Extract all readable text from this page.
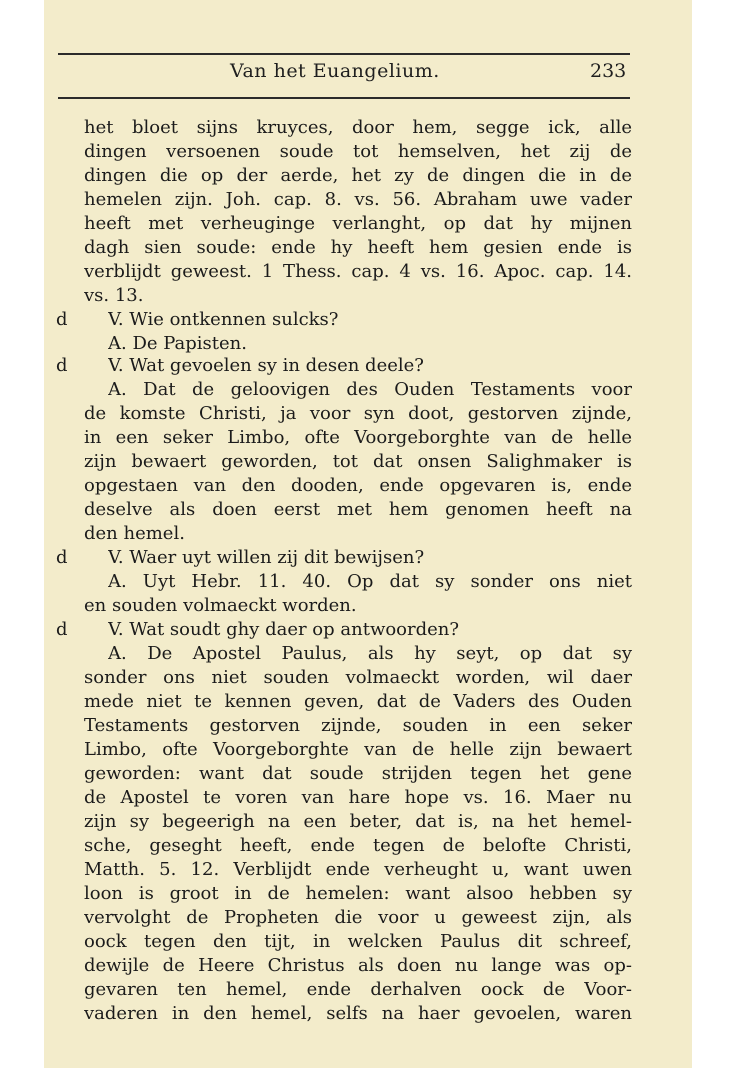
Van het Euangelium.	233
het bloet sijns kruyces, door hem, segge ick, alle
dingen versoenen soude tot hemselven, het zij de
dingen die op der aerde, het zy de dingen die in de
hemelen zijn. Joh. cap. 8. vs. 56. Abraham uwe vader
heeft met verheuginge verlanght, op dat hy mijnen
dagh sien soude: ende hy heeft hem gesien ende is
verblijdt geweest. 1 Thess. cap. 4 vs. 16. Apoc. cap. 14.
vs. 13.
d V. Wie ontkennen sulcks?
A. De Papisten.
d V. Wat gevoelen sy in desen deele?
A. Dat de geloovigen des Ouden Testaments voor
de komste Christi, ja voor syn doot, gestorven zijnde,
in een seker Limbo, ofte Voorgeborghte van de helle
zijn bewaert geworden, tot dat onsen Salighmaker is
opgestaen van den dooden, ende opgevaren is, ende
deselve als doen eerst met hem genomen heeft na
den hemel.
d V. Waer uyt willen zij dit bewijsen?
A. Uyt Hebr. 11. 40. Op dat sy sonder ons niet
en souden volmaeckt worden.
d V. Wat soudt ghy daer op antwoorden?
A. De Apostel Paulus, als hy seyt, op dat sy
sonder ons niet souden volmaeckt worden, wil daer
mede niet te kennen geven, dat de Vaders des Ouden
Testaments gestorven zijnde, souden in een seker
Limbo, ofte Voorgeborghte van de helle zijn bewaert
geworden: want dat soude strijden tegen het gene
de Apostel te voren van hare hope vs. 16. Maer nu
zijn sy begeerigh na een beter, dat is, na het hemel-
sche, geseght heeft, ende tegen de belofte Christi,
Matth. 5. 12. Verblijdt ende verheught u, want uwen
loon is groot in de hemelen: want alsoo hebben sy
vervolght de Propheten die voor u geweest zijn, als
oock tegen den tijt, in welcken Paulus dit schreef,
dewijle de Heere Christus als doen nu lange was op-
gevaren ten hemel, ende derhalven oock de Voor-
vaderen in den hemel, selfs na haer gevoelen, waren
